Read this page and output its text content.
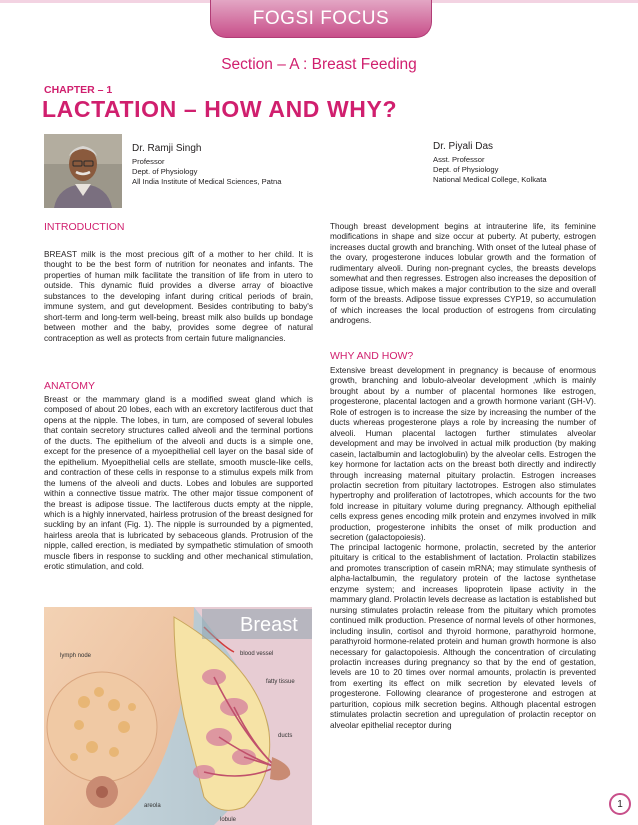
FOGSI FOCUS
Section – A : Breast Feeding
CHAPTER – 1
LACTATION – HOW AND WHY?
Dr. Ramji Singh
Professor
Dept. of Physiology
All India Institute of Medical Sciences, Patna
Dr. Piyali Das
Asst. Professor
Dept. of Physiology
National Medical College, Kolkata
INTRODUCTION
BREAST milk is the most precious gift of a mother to her child. It is thought to be the best form of nutrition for neonates and infants. The properties of human milk facilitate the transition of life from in utero to outside. This dynamic fluid provides a diverse array of bioactive substances to the developing infant during critical periods of brain, immune system, and gut development. Besides contributing to baby's short-term and long-term well-being, breast milk also builds up bondage between mother and the baby, provides some degree of natural contraception as well as protects from certain future malignancies.
ANATOMY
Breast or the mammary gland is a modified sweat gland which is composed of about 20 lobes, each with an excretory lactiferous duct that opens at the nipple. The lobes, in turn, are composed of several lobules that contain secretory structures called alveoli and the terminal portions of the ducts. The epithelium of the alveoli and ducts is a simple one, except for the presence of a myoepithelial cell layer on the basal side of the epithelium. Myoepithelial cells are stellate, smooth muscle-like cells, and contraction of these cells in response to a stimulus expels milk from the lumens of the alveoli and ducts. Lobes and lobules are supported within a connective tissue matrix. The other major tissue component of the breast is adipose tissue. The lactiferous ducts empty at the nipple, which is a highly innervated, hairless protrusion of the breast designed for suckling by an infant (Fig. 1). The nipple is surrounded by a pigmented, hairless areola that is lubricated by sebaceous glands. Protrusion of the nipple, called erection, is mediated by sympathetic stimulation of smooth muscle fibers in response to suckling and other mechanical stimulation, erotic stimulation, and cold.
Though breast development begins at intrauterine life, its feminine modifications in shape and size occur at puberty. At puberty, estrogen increases ductal growth and branching. With onset of the luteal phase of the ovary, progesterone induces lobular growth and the formation of rudimentary alveoli. During non-pregnant cycles, the breasts develops somewhat and then regresses. Estrogen also increases the deposition of adipose tissue, which makes a major contribution to the size and overall form of the breasts. Adipose tissue expresses CYP19, so accumulation of which increases the local production of estrogens from circulating androgens.
WHY AND HOW?
Extensive breast development in pregnancy is because of enormous growth, branching and lobulo-alveolar development ,which is mainly brought about by a number of placental hormones like estrogen, progesterone, placental lactogen and a growth hormone variant (GH-V). Role of estrogen is to increase the size by increasing the number of the ducts whereas progesterone plays a role by increasing the number of alveoli. Human placental lactogen further stimulates alveolar development and may be involved in actual milk production (by making casein, lactalbumin and lactoglobulin) by the alveolar cells. Estrogen the key hormone for lactation acts on the breast both directly and indirectly through increasing maternal pituitary prolactin. Estrogen increases prolactin secretion from pituitary lactotropes. Estrogen also stimulates hypertrophy and proliferation of lactotropes, which accounts for the two fold increase in pituitary volume during pregnancy. Although epithelial cells express genes encoding milk protein and enzymes involved in milk production, progesterone inhibits the onset of milk production and secretion (galactopoiesis).
The principal lactogenic hormone, prolactin, secreted by the anterior pituitary is critical to the establishment of lactation. Prolactin stabilizes and promotes transcription of casein mRNA; may stimulate synthesis of alpha-lactalbumin, the regulatory protein of the lactose synthetase enzyme system; and increases lipoprotein lipase activity in the mammary gland. Prolactin levels decrease as lactation is established but nursing stimulates prolactin release from the pituitary which promotes continued milk production. Presence of normal levels of other hormones, including insulin, cortisol and thyroid hormone, parathyroid hormone, parathyroid hormone-related protein and human growth hormone is also necessary for galactopoiesis. Although the concentration of circulating prolactin increases during pregnancy so that by the end of gestation, levels are 10 to 20 times over normal amounts, prolactin is prevented from exerting its effect on milk secretion by elevated levels of progesterone. Following clearance of progesterone and estrogen at parturition, copious milk secretion begins. Although placental estrogen stimulates prolactin secretion and upregulation of prolactin receptor on alveolar epithelial receptor during
Breast
lymph node	blood vessel
fatty tissue
ducts
areola
lobule
1
